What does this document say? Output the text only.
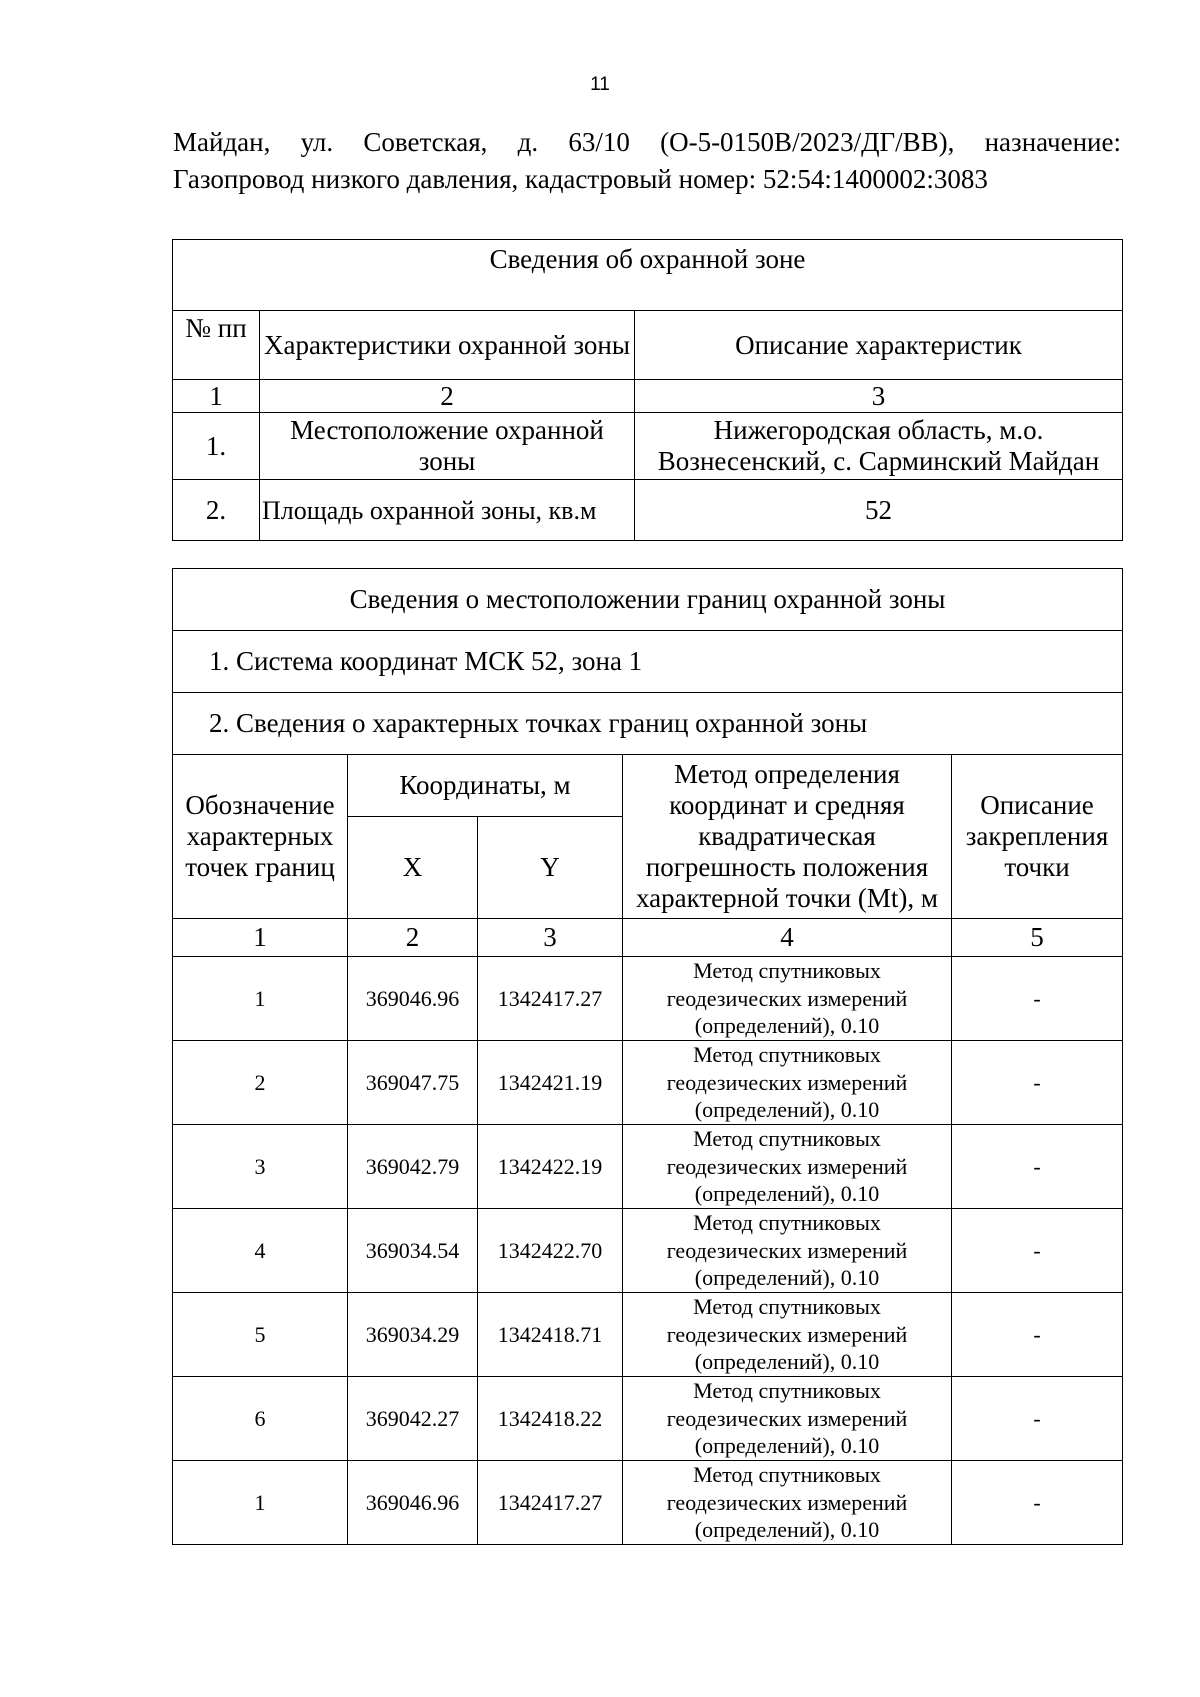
11

Майдан, ул. Советская, д. 63/10 (О-5-0150В/2023/ДГ/ВВ), назначение:

Газопровод низкого давления, кадастровый номер: 52:54:1400002:3083

Сведения об охранной зоне		
№ пп	Характеристики охранной зоны	Описание характеристик
1	2	3
1.	Местоположение охранной зоны	Нижегородская область, м.о. Вознесенский, с. Сарминский Майдан
2.	Площадь охранной зоны, кв.м	52
Сведения о местоположении границ охранной зоны				
1. Система координат МСК 52, зона 1				
2. Сведения о характерных точках границ охранной зоны				
Обозначение характерных точек границ	Координаты, м		Метод определения координат и средняя квадратическая погрешность положения характерной точки (Mt), м	Описание закрепления точки
	X	Y		
1	2	3	4	5
1	369046.96	1342417.27	Метод спутниковых геодезических измерений (определений), 0.10	-
2	369047.75	1342421.19	Метод спутниковых геодезических измерений (определений), 0.10	-
3	369042.79	1342422.19	Метод спутниковых геодезических измерений (определений), 0.10	-
4	369034.54	1342422.70	Метод спутниковых геодезических измерений (определений), 0.10	-
5	369034.29	1342418.71	Метод спутниковых геодезических измерений (определений), 0.10	-
6	369042.27	1342418.22	Метод спутниковых геодезических измерений (определений), 0.10	-
1	369046.96	1342417.27	Метод спутниковых геодезических измерений (определений), 0.10	-
